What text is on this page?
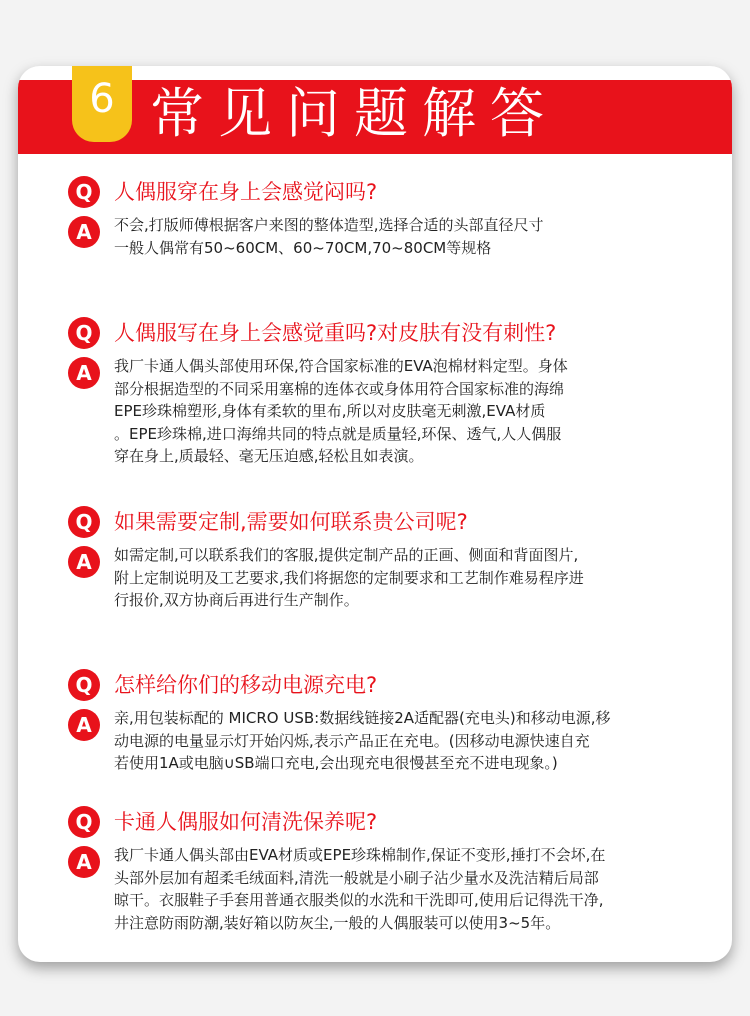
6 常见问题解答
Q	人偶服穿在身上会感觉闷吗?
A	不会,打版师傅根据客户来图的整体造型,选择合适的头部直径尺寸
一般人偶常有50~60CM、60~70CM,70~80CM等规格
Q	人偶服写在身上会感觉重吗?对皮肤有没有刺性?
A	我厂卡通人偶头部使用环保,符合国家标准的EVA泡棉材料定型。身体
部分根据造型的不同采用塞棉的连体衣或身体用符合国家标准的海绵
EPE珍珠棉塑形,身体有柔软的里布,所以对皮肤毫无刺激,EVA材质
。EPE珍珠棉,进口海绵共同的特点就是质量轻,环保、透气,人人偶服
穿在身上,质最轻、毫无压迫感,轻松且如表演。
Q	如果需要定制,需要如何联系贵公司呢?
A	如需定制,可以联系我们的客服,提供定制产品的正画、侧面和背面图片,
附上定制说明及工艺要求,我们将据您的定制要求和工艺制作难易程序进
行报价,双方协商后再进行生产制作。
Q	怎样给你们的移动电源充电?
A	亲,用包装标配的 MICRO USB:数据线链接2A适配器(充电头)和移动电源,移
动电源的电量显示灯开始闪烁,表示产品正在充电。(因移动电源快速自充
若使用1A或电脑∪SB端口充电,会出现充电很慢甚至充不进电现象。)
Q	卡通人偶服如何清洗保养呢?
A	我厂卡通人偶头部由EVA材质或EPE珍珠棉制作,保证不变形,捶打不会坏,在
头部外层加有超柔毛绒面料,清洗一般就是小刷子沾少量水及洗洁精后局部
晾干。衣服鞋子手套用普通衣服类似的水洗和干洗即可,使用后记得洗干净,
井注意防雨防潮,装好箱以防灰尘,一般的人偶服装可以使用3~5年。
